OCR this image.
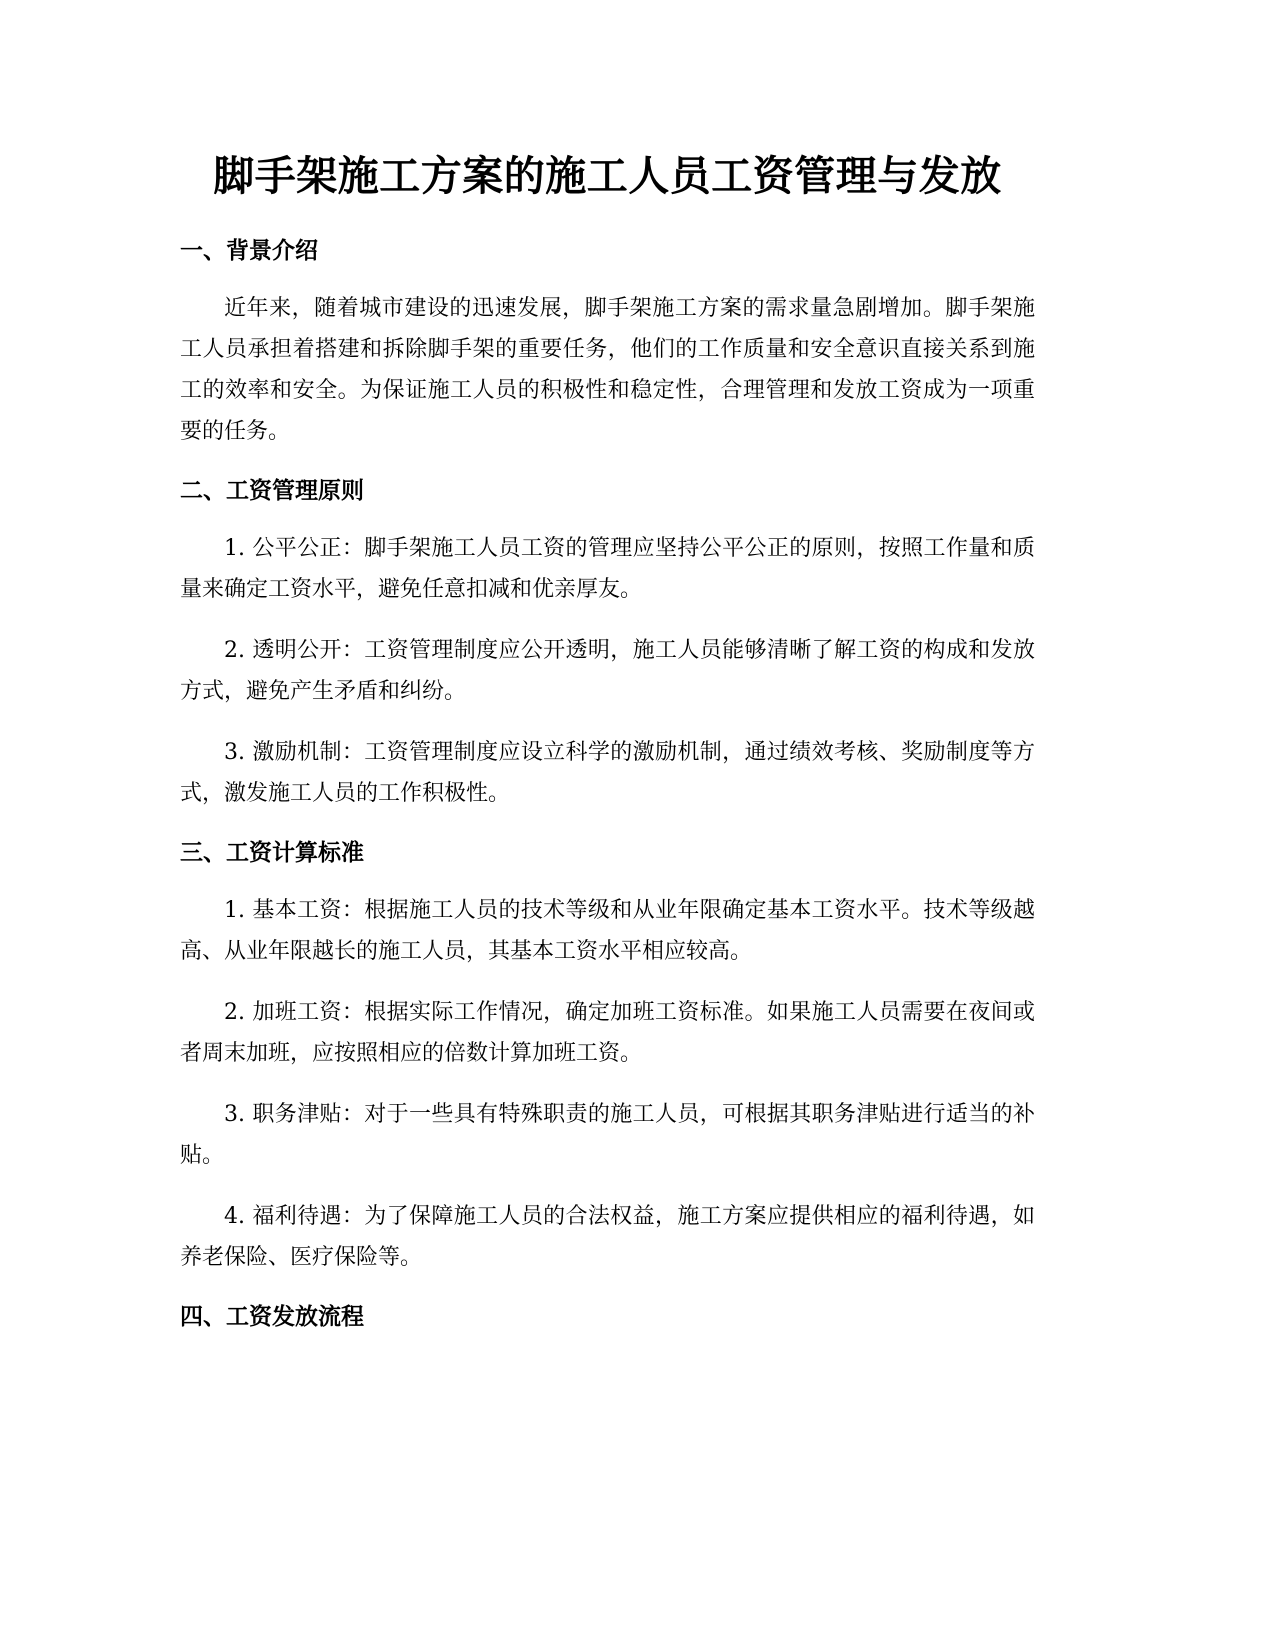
脚手架施工方案的施工人员工资管理与发放
一、背景介绍

近年来，随着城市建设的迅速发展，脚手架施工方案的需求量急剧增加。脚手架施工人员承担着搭建和拆除脚手架的重要任务，他们的工作质量和安全意识直接关系到施工的效率和安全。为保证施工人员的积极性和稳定性，合理管理和发放工资成为一项重要的任务。

二、工资管理原则

1. 公平公正：脚手架施工人员工资的管理应坚持公平公正的原则，按照工作量和质量来确定工资水平，避免任意扣减和优亲厚友。

2. 透明公开：工资管理制度应公开透明，施工人员能够清晰了解工资的构成和发放方式，避免产生矛盾和纠纷。

3. 激励机制：工资管理制度应设立科学的激励机制，通过绩效考核、奖励制度等方式，激发施工人员的工作积极性。

三、工资计算标准

1. 基本工资：根据施工人员的技术等级和从业年限确定基本工资水平。技术等级越高、从业年限越长的施工人员，其基本工资水平相应较高。

2. 加班工资：根据实际工作情况，确定加班工资标准。如果施工人员需要在夜间或者周末加班，应按照相应的倍数计算加班工资。

3. 职务津贴：对于一些具有特殊职责的施工人员，可根据其职务津贴进行适当的补贴。

4. 福利待遇：为了保障施工人员的合法权益，施工方案应提供相应的福利待遇，如养老保险、医疗保险等。

四、工资发放流程
